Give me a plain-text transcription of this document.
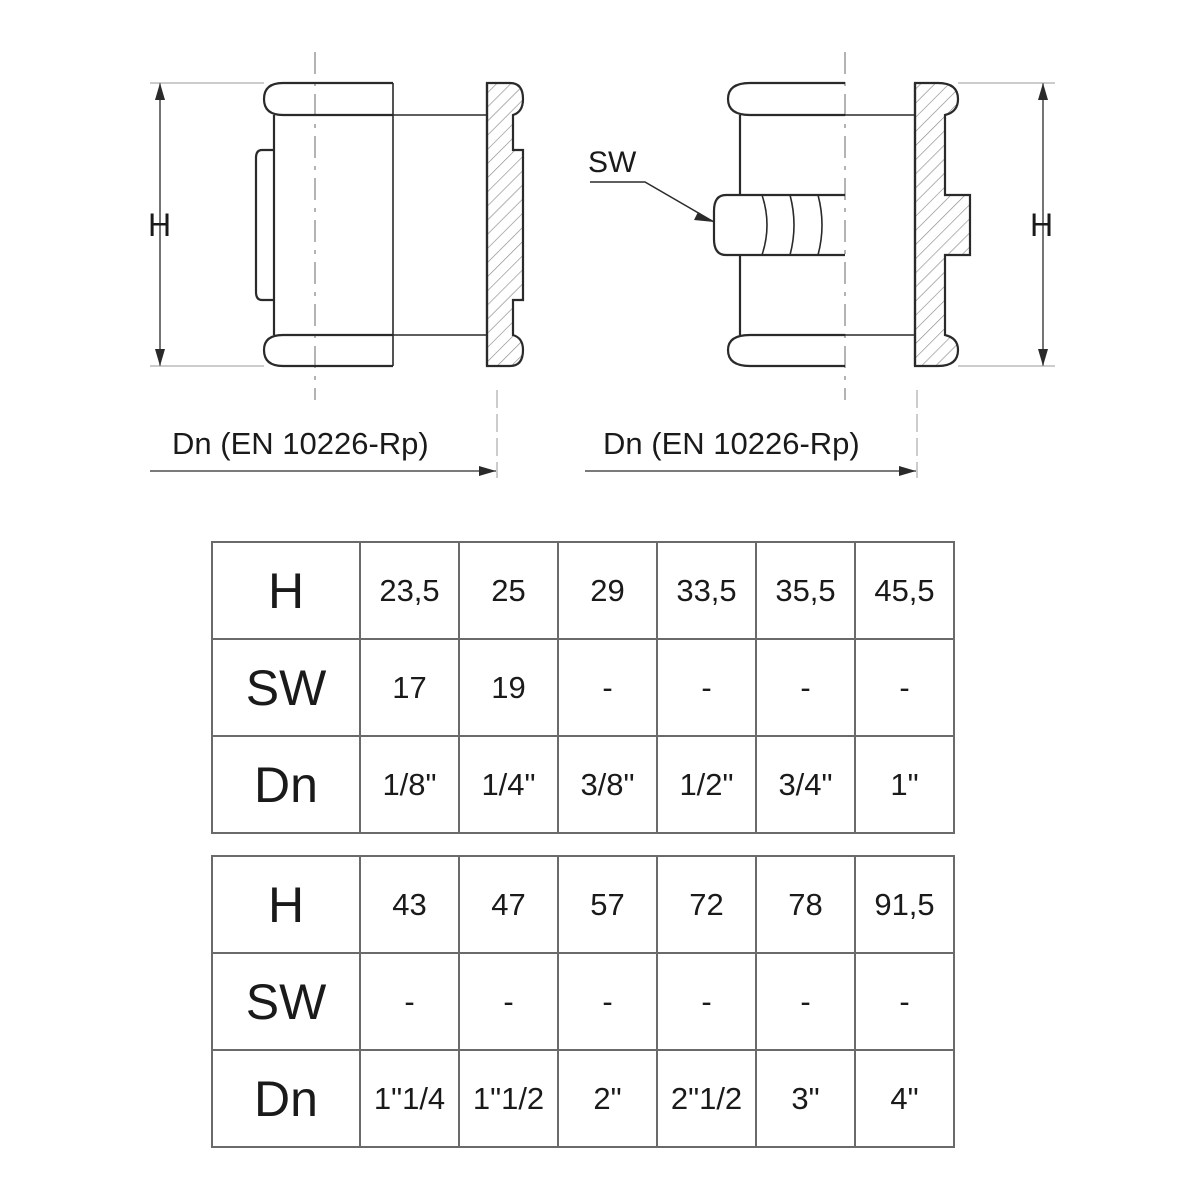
H
Dn (EN 10226-Rp)
SW
H
Dn (EN 10226-Rp)
H	23,5	25	29	33,5	35,5	45,5
SW	17	19	-	-	-	-
Dn	1/8"	1/4"	3/8"	1/2"	3/4"	1"
H	43	47	57	72	78	91,5
SW	-	-	-	-	-	-
Dn	1"1/4	1"1/2	2"	2"1/2	3"	4"
